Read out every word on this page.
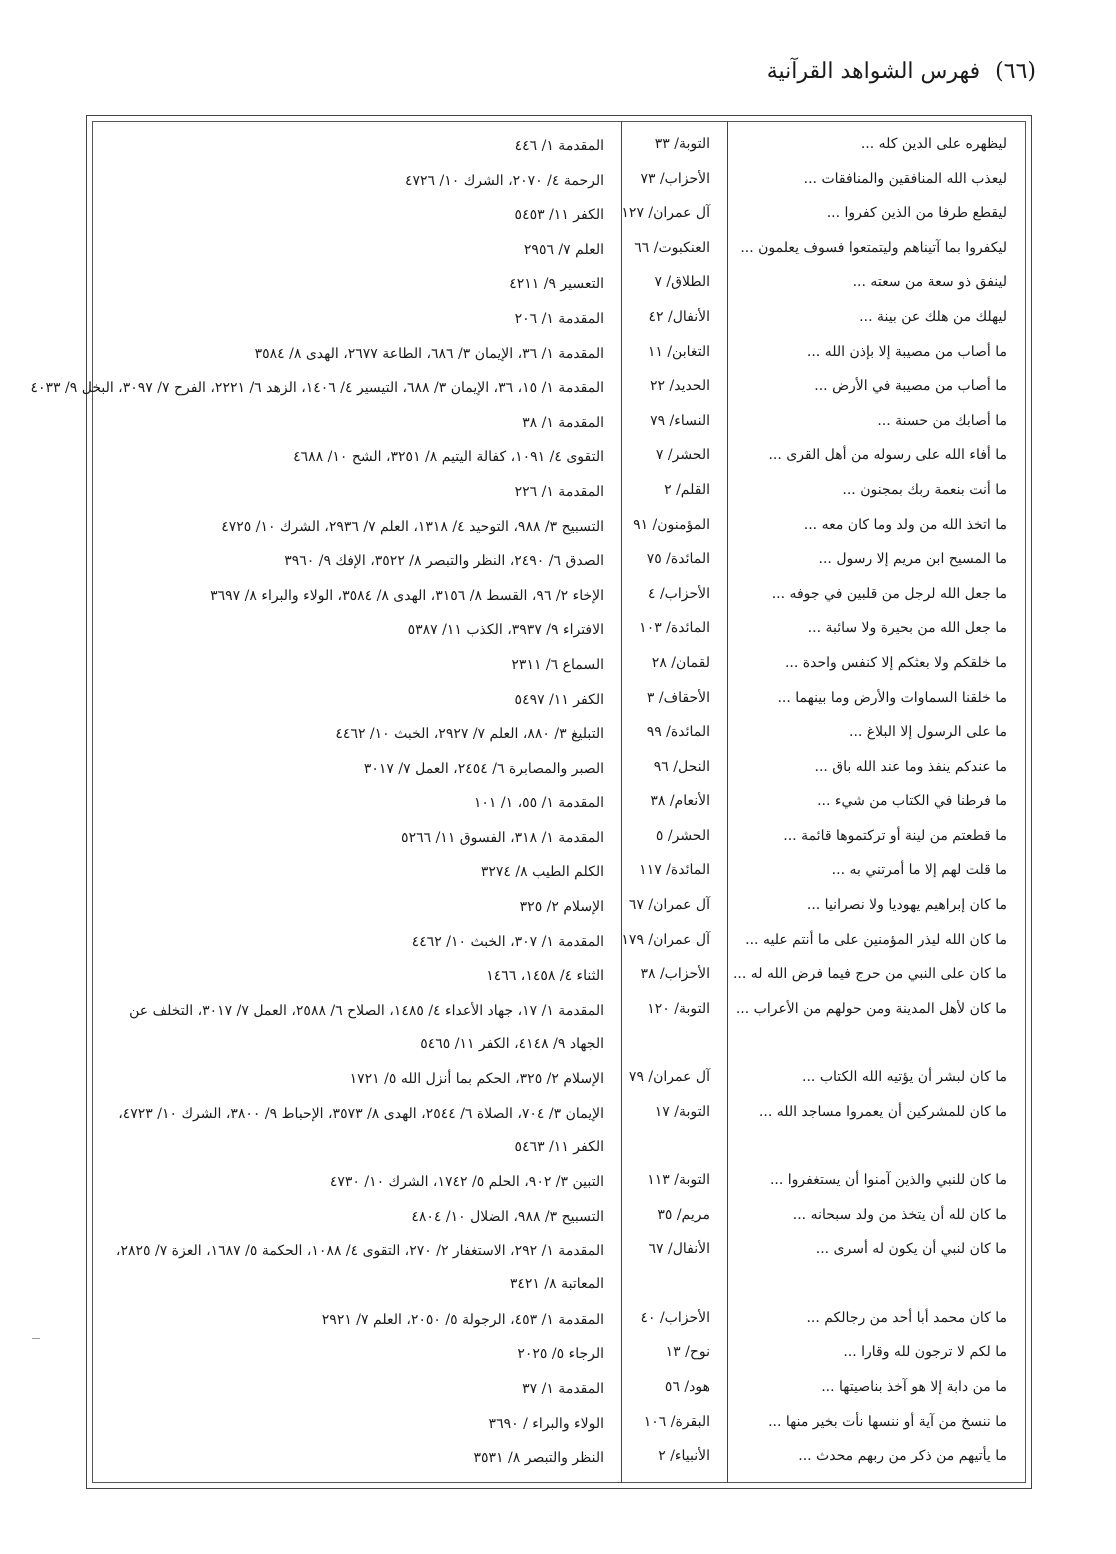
(٦٦) فهرس الشواهد القرآنية
ليظهره على الدين كله ...
التوبة/ ٣٣
المقدمة ١/ ٤٤٦
ليعذب الله المنافقين والمنافقات ...
الأحزاب/ ٧٣
الرحمة ٤/ ٢٠٧٠، الشرك ١٠/ ٤٧٢٦
ليقطع طرفا من الذين كفروا ...
آل عمران/ ١٢٧
الكفر ١١/ ٥٤٥٣
ليكفروا بما آتيناهم وليتمتعوا فسوف يعلمون ...
العنكبوت/ ٦٦
العلم ٧/ ٢٩٥٦
لينفق ذو سعة من سعته ...
الطلاق/ ٧
التعسير ٩/ ٤٢١١
ليهلك من هلك عن بينة ...
الأنفال/ ٤٢
المقدمة ١/ ٢٠٦
ما أصاب من مصيبة إلا بإذن الله ...
التغابن/ ١١
المقدمة ١/ ٣٦، الإيمان ٣/ ٦٨٦، الطاعة ٢٦٧٧، الهدى ٨/ ٣٥٨٤
ما أصاب من مصيبة في الأرض ...
الحديد/ ٢٢
المقدمة ١/ ١٥، ٣٦، الإيمان ٣/ ٦٨٨، التيسير ٤/ ١٤٠٦، الزهد ٦/ ٢٢٢١، الفرح ٧/ ٣٠٩٧، البخل ٩/ ٤٠٣٣
ما أصابك من حسنة ...
النساء/ ٧٩
المقدمة ١/ ٣٨
ما أفاء الله على رسوله من أهل القرى ...
الحشر/ ٧
التقوى ٤/ ١٠٩١، كفالة اليتيم ٨/ ٣٢٥١، الشح ١٠/ ٤٦٨٨
ما أنت بنعمة ربك بمجنون ...
القلم/ ٢
المقدمة ١/ ٢٢٦
ما اتخذ الله من ولد وما كان معه ...
المؤمنون/ ٩١
التسبيح ٣/ ٩٨٨، التوحيد ٤/ ١٣١٨، العلم ٧/ ٢٩٣٦، الشرك ١٠/ ٤٧٢٥
ما المسيح ابن مريم إلا رسول ...
المائدة/ ٧٥
الصدق ٦/ ٢٤٩٠، النظر والتبصر ٨/ ٣٥٢٢، الإفك ٩/ ٣٩٦٠
ما جعل الله لرجل من قلبين في جوفه ...
الأحزاب/ ٤
الإخاء ٢/ ٩٦، القسط ٨/ ٣١٥٦، الهدى ٨/ ٣٥٨٤، الولاء والبراء ٨/ ٣٦٩٧
ما جعل الله من بحيرة ولا سائبة ...
المائدة/ ١٠٣
الافتراء ٩/ ٣٩٣٧، الكذب ١١/ ٥٣٨٧
ما خلقكم ولا بعثكم إلا كنفس واحدة ...
لقمان/ ٢٨
السماع ٦/ ٢٣١١
ما خلقنا السماوات والأرض وما بينهما ...
الأحقاف/ ٣
الكفر ١١/ ٥٤٩٧
ما على الرسول إلا البلاغ ...
المائدة/ ٩٩
التبليغ ٣/ ٨٨٠، العلم ٧/ ٢٩٢٧، الخبث ١٠/ ٤٤٦٢
ما عندكم ينفذ وما عند الله باق ...
النحل/ ٩٦
الصبر والمصابرة ٦/ ٢٤٥٤، العمل ٧/ ٣٠١٧
ما فرطنا في الكتاب من شيء ...
الأنعام/ ٣٨
المقدمة ١/ ٥٥، ١/ ١٠١
ما قطعتم من لينة أو تركتموها قائمة ...
الحشر/ ٥
المقدمة ١/ ٣١٨، الفسوق ١١/ ٥٢٦٦
ما قلت لهم إلا ما أمرتني به ...
المائدة/ ١١٧
الكلم الطيب ٨/ ٣٢٧٤
ما كان إبراهيم يهوديا ولا نصرانيا ...
آل عمران/ ٦٧
الإسلام ٢/ ٣٢٥
ما كان الله ليذر المؤمنين على ما أنتم عليه ...
آل عمران/ ١٧٩
المقدمة ١/ ٣٠٧، الخبث ١٠/ ٤٤٦٢
ما كان على النبي من حرج فيما فرض الله له ...
الأحزاب/ ٣٨
الثناء ٤/ ١٤٥٨، ١٤٦٦
ما كان لأهل المدينة ومن حولهم من الأعراب ...
التوبة/ ١٢٠
المقدمة ١/ ١٧، جهاد الأعداء ٤/ ١٤٨٥، الصلاح ٦/ ٢٥٨٨، العمل ٧/ ٣٠١٧، التخلف عن الجهاد ٩/ ٤١٤٨، الكفر ١١/ ٥٤٦٥
ما كان لبشر أن يؤتيه الله الكتاب ...
آل عمران/ ٧٩
الإسلام ٢/ ٣٢٥، الحكم بما أنزل الله ٥/ ١٧٢١
ما كان للمشركين أن يعمروا مساجد الله ...
التوبة/ ١٧
الإيمان ٣/ ٧٠٤، الصلاة ٦/ ٢٥٤٤، الهدى ٨/ ٣٥٧٣، الإحباط ٩/ ٣٨٠٠، الشرك ١٠/ ٤٧٢٣، الكفر ١١/ ٥٤٦٣
ما كان للنبي والذين آمنوا أن يستغفروا ...
التوبة/ ١١٣
التبين ٣/ ٩٠٢، الحلم ٥/ ١٧٤٢، الشرك ١٠/ ٤٧٣٠
ما كان لله أن يتخذ من ولد سبحانه ...
مريم/ ٣٥
التسبيح ٣/ ٩٨٨، الضلال ١٠/ ٤٨٠٤
ما كان لنبي أن يكون له أسرى ...
الأنفال/ ٦٧
المقدمة ١/ ٢٩٢، الاستغفار ٢/ ٢٧٠، التقوى ٤/ ١٠٨٨، الحكمة ٥/ ١٦٨٧، العزة ٧/ ٢٨٢٥، المعاتبة ٨/ ٣٤٢١
ما كان محمد أبا أحد من رجالكم ...
الأحزاب/ ٤٠
المقدمة ١/ ٤٥٣، الرجولة ٥/ ٢٠٥٠، العلم ٧/ ٢٩٢١
ما لكم لا ترجون لله وقارا ...
نوح/ ١٣
الرجاء ٥/ ٢٠٢٥
ما من دابة إلا هو آخذ بناصيتها ...
هود/ ٥٦
المقدمة ١/ ٣٧
ما ننسخ من آية أو ننسها نأت بخير منها ...
البقرة/ ١٠٦
الولاء والبراء / ٣٦٩٠
ما يأتيهم من ذكر من ربهم محدث ...
الأنبياء/ ٢
النظر والتبصر ٨/ ٣٥٣١
